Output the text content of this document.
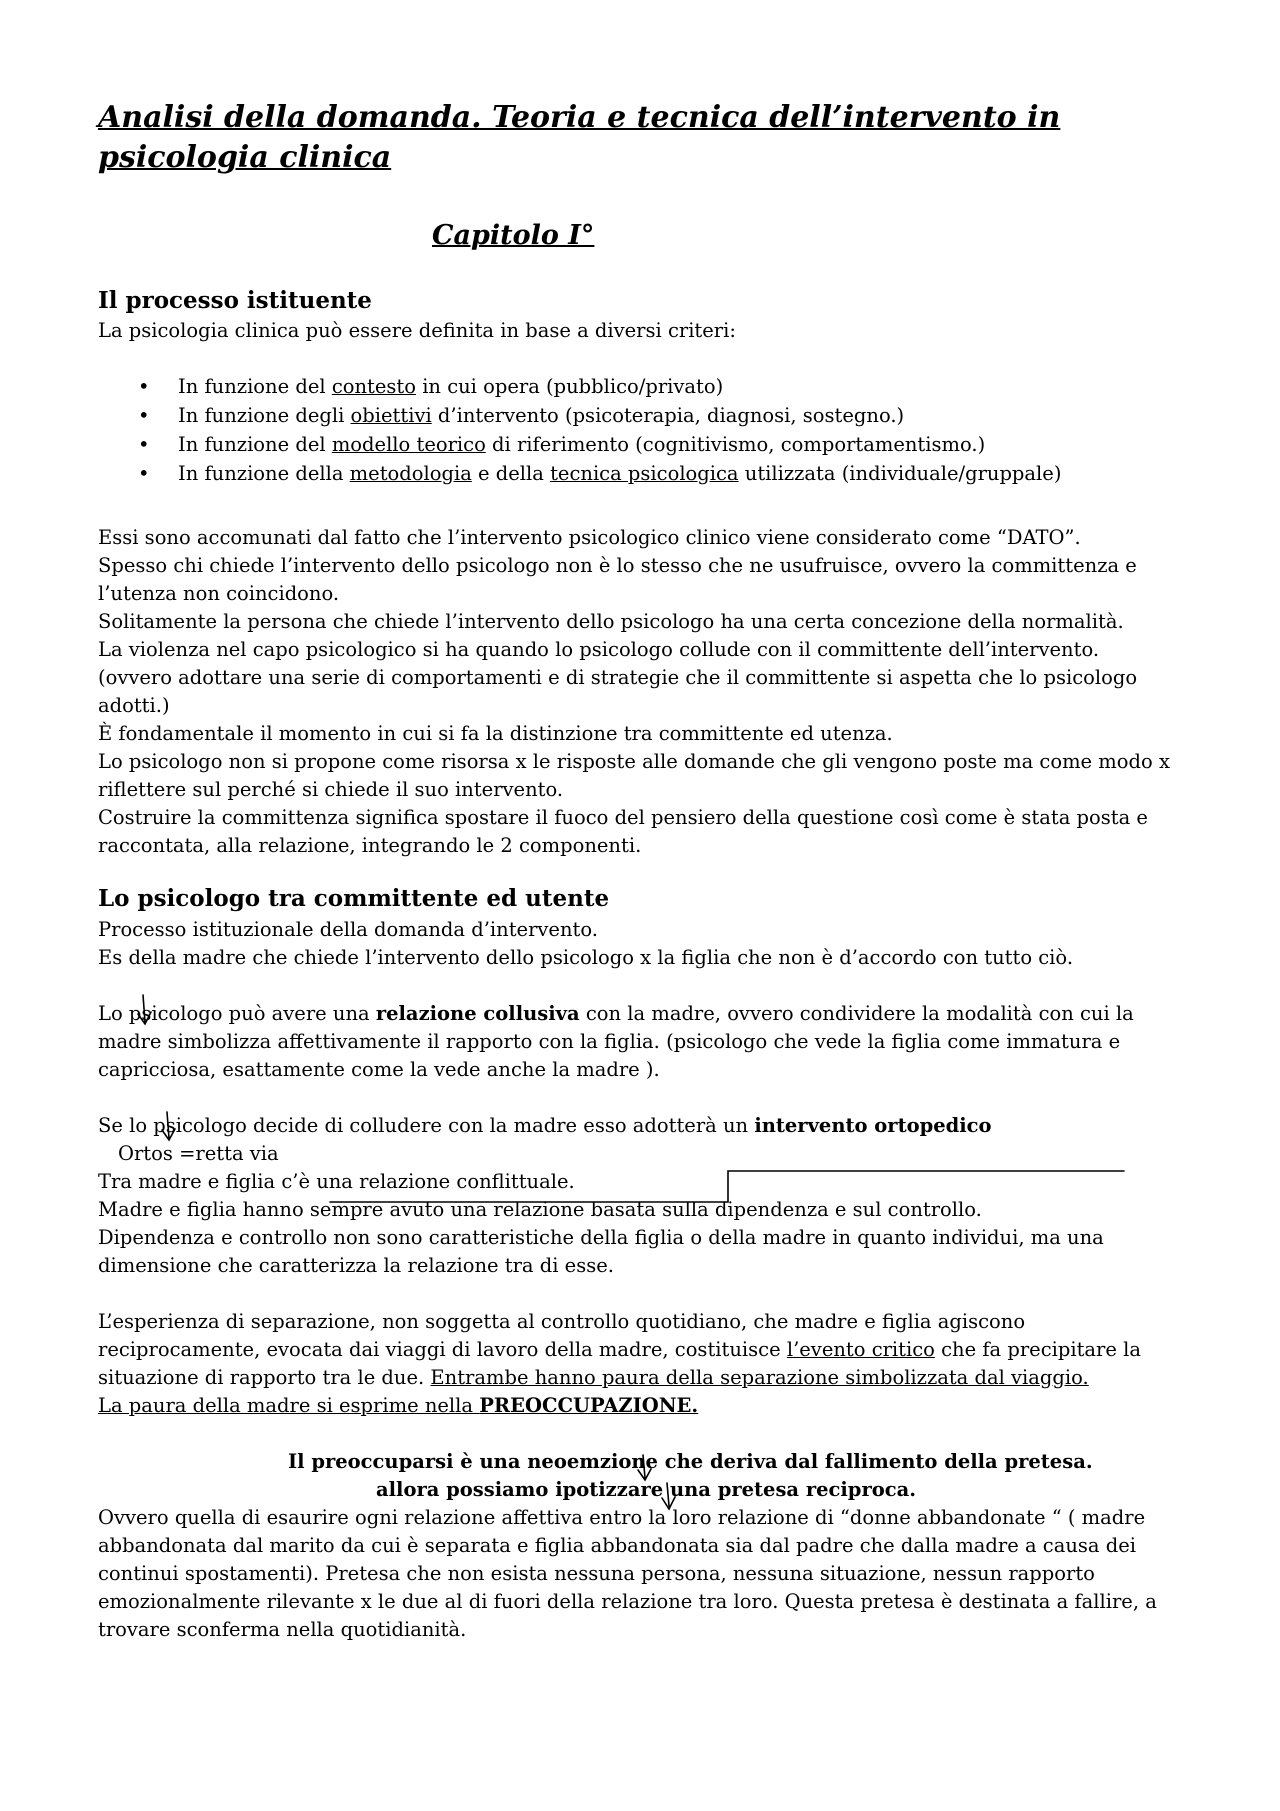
Analisi della domanda. Teoria e tecnica dell’intervento in psicologia clinica
Capitolo I°
Il processo istituente

La psicologia clinica può essere definita in base a diversi criteri:

• In funzione del contesto in cui opera (pubblico/privato)
• In funzione degli obiettivi d’intervento (psicoterapia, diagnosi, sostegno.)
• In funzione del modello teorico di riferimento (cognitivismo, comportamentismo.)
• In funzione della metodologia e della tecnica psicologica utilizzata (individuale/gruppale)
Essi sono accomunati dal fatto che l’intervento psicologico clinico viene considerato come “DATO”.
Spesso chi chiede l’intervento dello psicologo non è lo stesso che ne usufruisce, ovvero la committenza e
l’utenza non coincidono.
Solitamente la persona che chiede l’intervento dello psicologo ha una certa concezione della normalità.
La violenza nel capo psicologico si ha quando lo psicologo collude con il committente dell’intervento.
(ovvero adottare una serie di comportamenti e di strategie che il committente si aspetta che lo psicologo
adotti.)
È fondamentale il momento in cui si fa la distinzione tra committente ed utenza.
Lo psicologo non si propone come risorsa x le risposte alle domande che gli vengono poste ma come modo x
riflettere sul perché si chiede il suo intervento.
Costruire la committenza significa spostare il fuoco del pensiero della questione così come è stata posta e
raccontata, alla relazione, integrando le 2 componenti.
Lo psicologo tra committente ed utente
Processo istituzionale della domanda d’intervento.
Es della madre che chiede l’intervento dello psicologo x la figlia che non è d’accordo con tutto ciò.
Lo psicologo può avere una relazione collusiva con la madre, ovvero condividere la modalità con cui la
madre simbolizza affettivamente il rapporto con la figlia. (psicologo che vede la figlia come immatura e
capricciosa, esattamente come la vede anche la madre ).
Se lo psicologo decide di colludere con la madre esso adotterà un intervento ortopedico
Ortos =retta via
Tra madre e figlia c’è una relazione conflittuale.
Madre e figlia hanno sempre avuto una relazione basata sulla dipendenza e sul controllo.
Dipendenza e controllo non sono caratteristiche della figlia o della madre in quanto individui, ma una
dimensione che caratterizza la relazione tra di esse.
L’esperienza di separazione, non soggetta al controllo quotidiano, che madre e figlia agiscono
reciprocamente, evocata dai viaggi di lavoro della madre, costituisce l’evento critico che fa precipitare la
situazione di rapporto tra le due. Entrambe hanno paura della separazione simbolizzata dal viaggio.
La paura della madre si esprime nella PREOCCUPAZIONE.
Il preoccuparsi è una neoemzione che deriva dal fallimento della pretesa.
allora possiamo ipotizzare una pretesa reciproca.
Ovvero quella di esaurire ogni relazione affettiva entro la loro relazione di “donne abbandonate “ ( madre
abbandonata dal marito da cui è separata e figlia abbandonata sia dal padre che dalla madre a causa dei
continui spostamenti). Pretesa che non esista nessuna persona, nessuna situazione, nessun rapporto
emozionalmente rilevante x le due al di fuori della relazione tra loro. Questa pretesa è destinata a fallire, a
trovare sconferma nella quotidianità.
